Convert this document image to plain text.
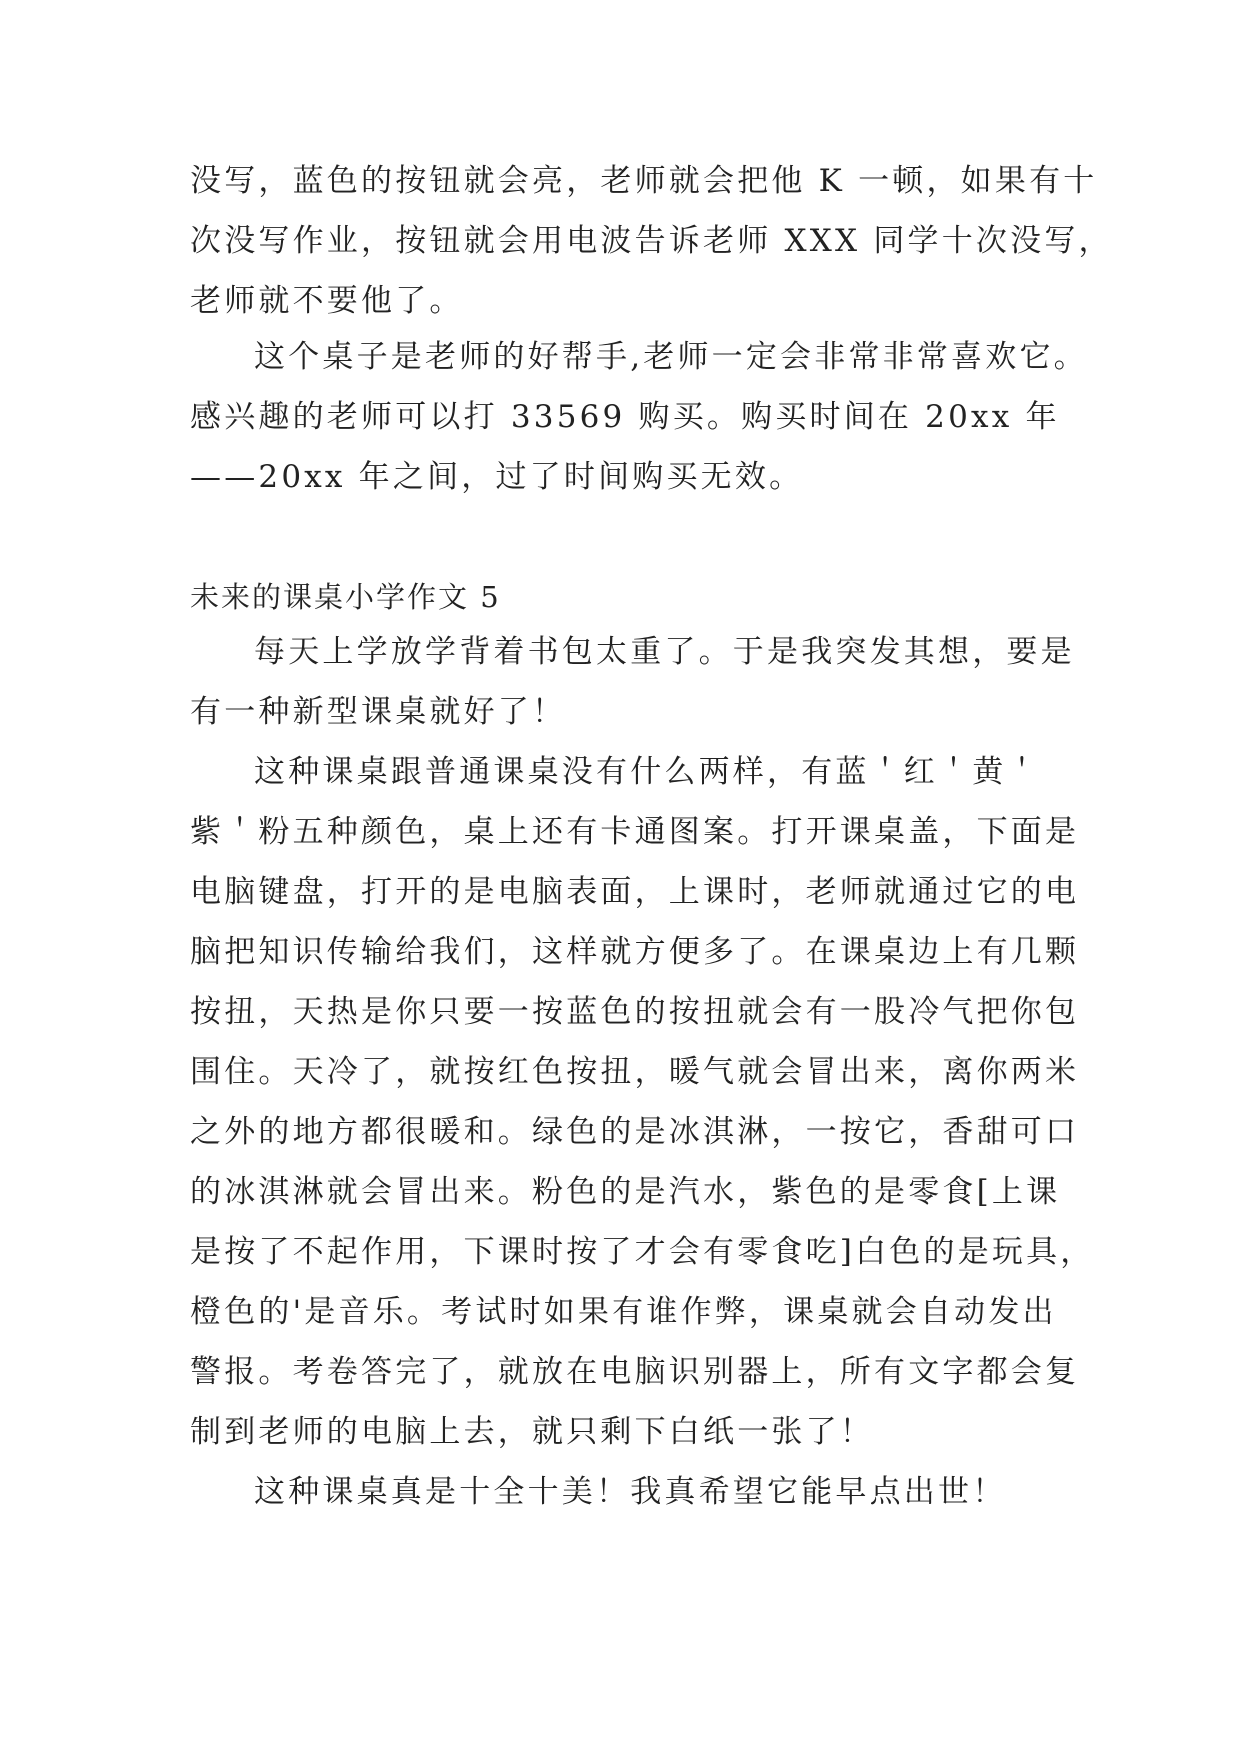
没写，蓝色的按钮就会亮，老师就会把他 K 一顿，如果有十
次没写作业，按钮就会用电波告诉老师 XXX 同学十次没写，
老师就不要他了。
这个桌子是老师的好帮手,老师一定会非常非常喜欢它。
感兴趣的老师可以打 33569 购买。购买时间在 20xx 年
——20xx 年之间，过了时间购买无效。
未来的课桌小学作文 5
每天上学放学背着书包太重了。于是我突发其想，要是
有一种新型课桌就好了！
这种课桌跟普通课桌没有什么两样，有蓝＇红＇黄＇
紫＇粉五种颜色，桌上还有卡通图案。打开课桌盖，下面是
电脑键盘，打开的是电脑表面，上课时，老师就通过它的电
脑把知识传输给我们，这样就方便多了。在课桌边上有几颗
按扭，天热是你只要一按蓝色的按扭就会有一股冷气把你包
围住。天冷了，就按红色按扭，暖气就会冒出来，离你两米
之外的地方都很暖和。绿色的是冰淇淋，一按它，香甜可口
的冰淇淋就会冒出来。粉色的是汽水，紫色的是零食[上课
是按了不起作用，下课时按了才会有零食吃]白色的是玩具，
橙色的'是音乐。考试时如果有谁作弊，课桌就会自动发出
警报。考卷答完了，就放在电脑识别器上，所有文字都会复
制到老师的电脑上去，就只剩下白纸一张了！
这种课桌真是十全十美！我真希望它能早点出世！
